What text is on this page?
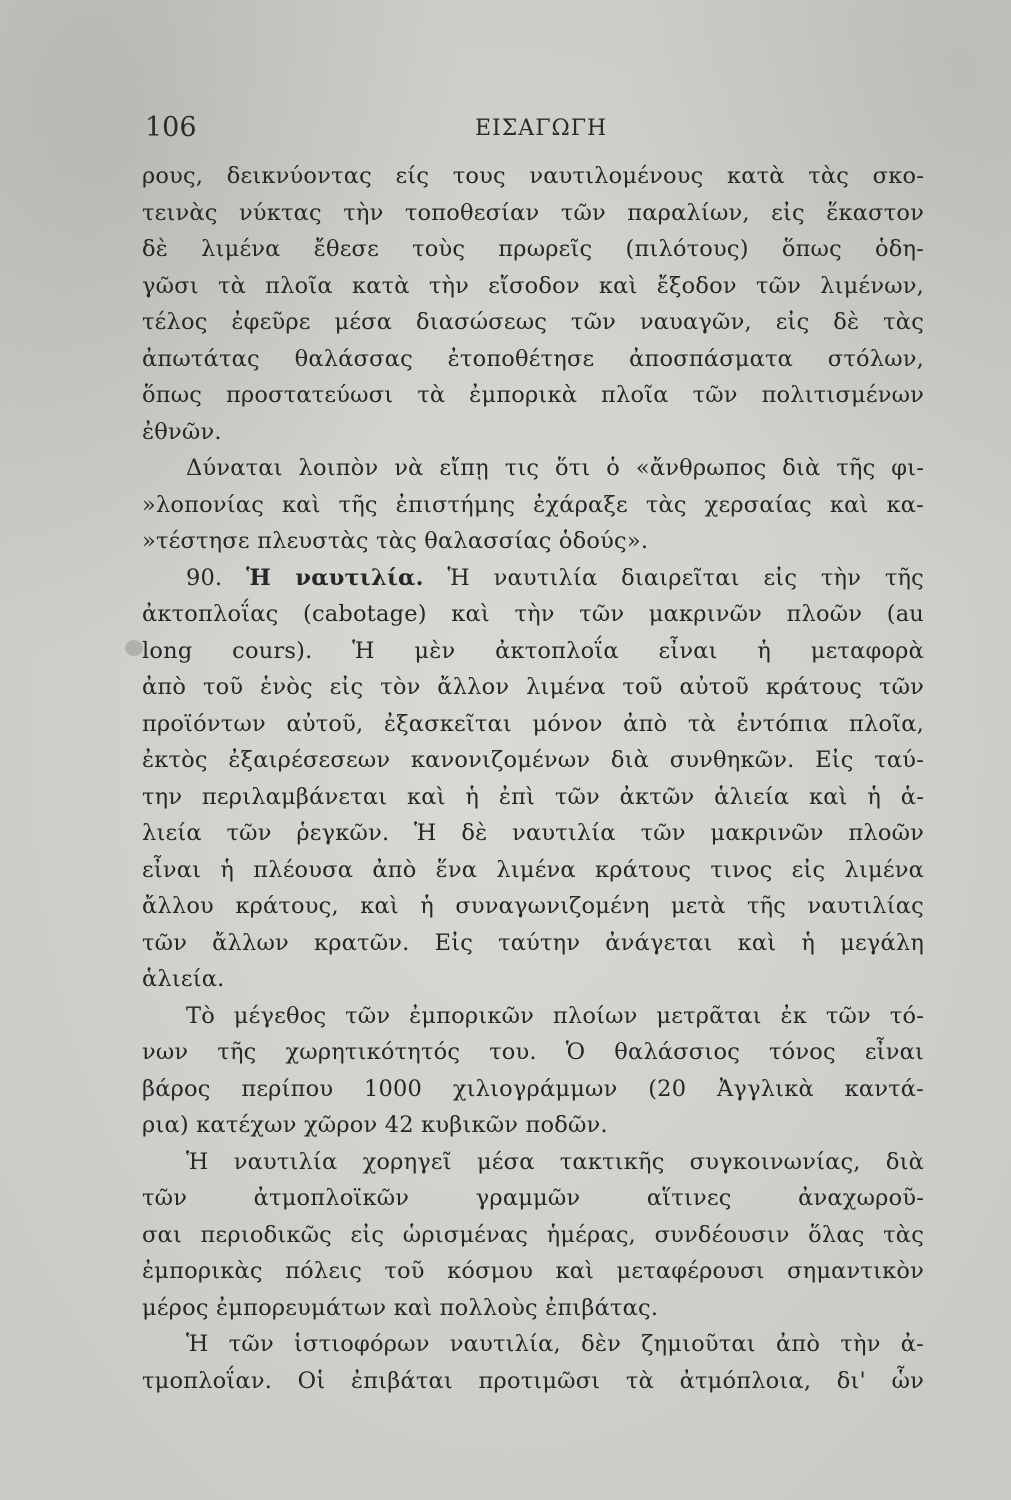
106	ΕΙΣΑΓΩΓΗ
ρους, δεικνύοντας είς τους ναυτιλομένους κατὰ τὰς σκο-
τεινὰς νύκτας τὴν τοποθεσίαν τῶν παραλίων, εἰς ἕκαστον
δὲ λιμένα ἔθεσε τοὺς πρωρεῖς (πιλότους) ὅπως ὁδη-
γῶσι τὰ πλοῖα κατὰ τὴν εἴσοδον καὶ ἔξοδον τῶν λιμένων,
τέλος ἐφεῦρε μέσα διασώσεως τῶν ναυαγῶν, εἰς δὲ τὰς
ἀπωτάτας θαλάσσας ἐτοποθέτησε ἀποσπάσματα στόλων,
ὅπως προστατεύωσι τὰ ἐμπορικὰ πλοῖα τῶν πολιτισμένων
ἐθνῶν.
Δύναται λοιπὸν νὰ εἴπῃ τις ὅτι ὁ «ἄνθρωπος διὰ τῆς φι-
»λοπονίας καὶ τῆς ἐπιστήμης ἐχάραξε τὰς χερσαίας καὶ κα-
»τέστησε πλευστὰς τὰς θαλασσίας ὁδούς».
90. Ἡ ναυτιλία. Ἡ ναυτιλία διαιρεῖται εἰς τὴν τῆς
ἀκτοπλοΐας (cabotage) καὶ τὴν τῶν μακρινῶν πλοῶν (au
long cours). Ἡ μὲν ἀκτοπλοΐα εἶναι ἡ μεταφορὰ
ἀπὸ τοῦ ἑνὸς εἰς τὸν ἄλλον λιμένα τοῦ αὐτοῦ κράτους τῶν
προϊόντων αὐτοῦ, ἐξασκεῖται μόνον ἀπὸ τὰ ἐντόπια πλοῖα,
ἐκτὸς ἐξαιρέσεσεων κανονιζομένων διὰ συνθηκῶν. Εἰς ταύ-
την περιλαμβάνεται καὶ ἡ ἐπὶ τῶν ἀκτῶν ἁλιεία καὶ ἡ ἁ-
λιεία τῶν ῥεγκῶν. Ἡ δὲ ναυτιλία τῶν μακρινῶν πλοῶν
εἶναι ἡ πλέουσα ἀπὸ ἕνα λιμένα κράτους τινος εἰς λιμένα
ἄλλου κράτους, καὶ ἡ συναγωνιζομένη μετὰ τῆς ναυτιλίας
τῶν ἄλλων κρατῶν. Εἰς ταύτην ἀνάγεται καὶ ἡ μεγάλη
ἁλιεία.
Τὸ μέγεθος τῶν ἐμπορικῶν πλοίων μετρᾶται ἐκ τῶν τό-
νων τῆς χωρητικότητός του. Ὁ θαλάσσιος τόνος εἶναι
βάρος περίπου 1000 χιλιογράμμων (20 Ἀγγλικὰ καντά-
ρια) κατέχων χῶρον 42 κυβικῶν ποδῶν.
Ἡ ναυτιλία χορηγεῖ μέσα τακτικῆς συγκοινωνίας, διὰ
τῶν ἀτμοπλοϊκῶν γραμμῶν αἵτινες ἀναχωροῦ-
σαι περιοδικῶς εἰς ὡρισμένας ἡμέρας, συνδέουσιν ὅλας τὰς
ἐμπορικὰς πόλεις τοῦ κόσμου καὶ μεταφέρουσι σημαντικὸν
μέρος ἐμπορευμάτων καὶ πολλοὺς ἐπιβάτας.
Ἡ τῶν ἱστιοφόρων ναυτιλία, δὲν ζημιοῦται ἀπὸ τὴν ἀ-
τμοπλοΐαν. Οἱ ἐπιβάται προτιμῶσι τὰ ἀτμόπλοια, δι' ὧν
